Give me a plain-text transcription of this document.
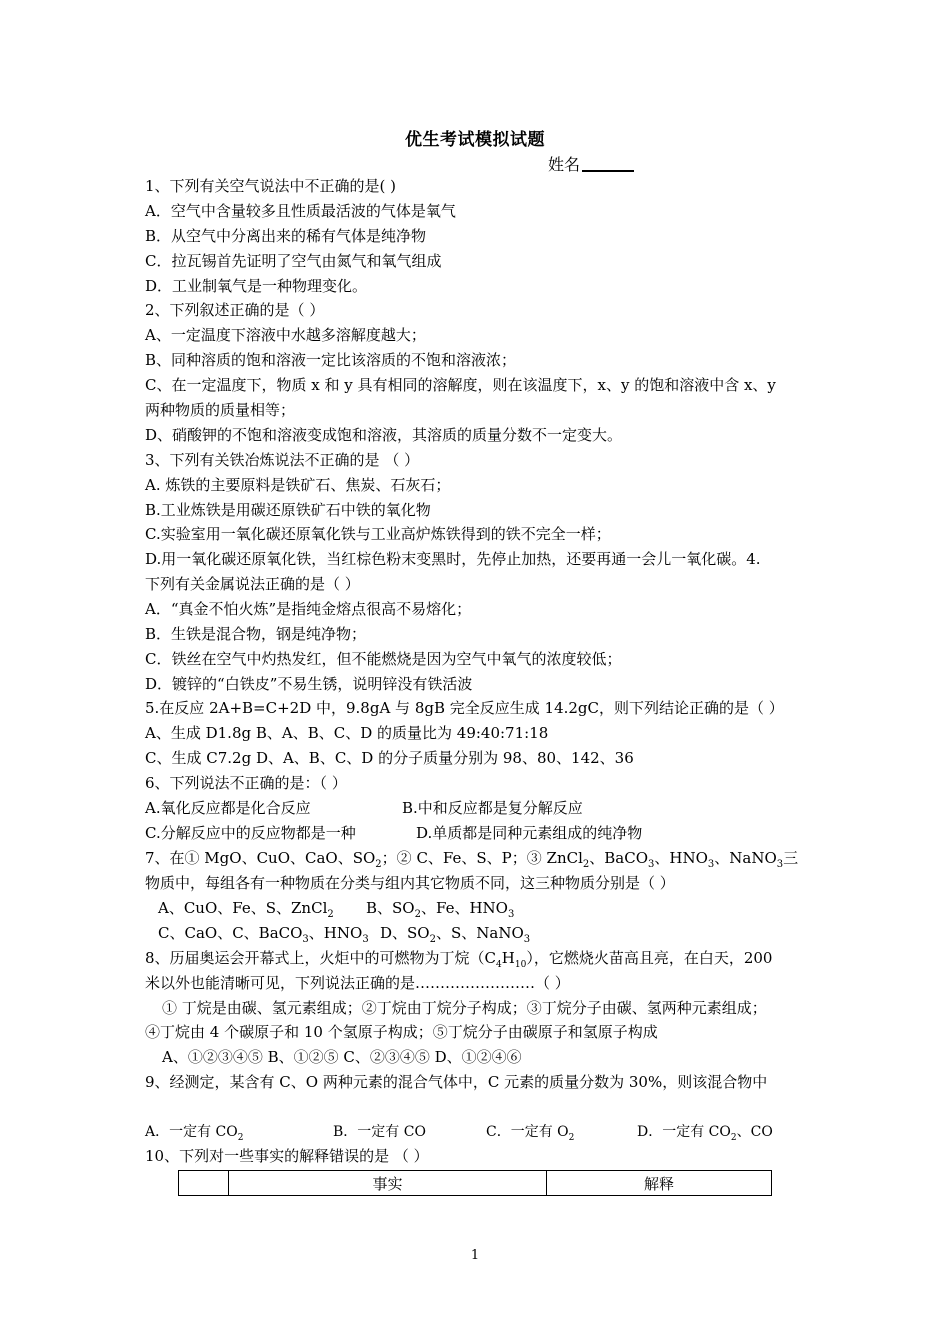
优生考试模拟试题
姓名
1、下列有关空气说法中不正确的是( )
A．空气中含量较多且性质最活波的气体是氧气
B．从空气中分离出来的稀有气体是纯净物
C．拉瓦锡首先证明了空气由氮气和氧气组成
D．工业制氧气是一种物理变化。
2、下列叙述正确的是（ ）
A、一定温度下溶液中水越多溶解度越大；
B、同种溶质的饱和溶液一定比该溶质的不饱和溶液浓；
C、在一定温度下，物质 x 和 y 具有相同的溶解度，则在该温度下，x、y 的饱和溶液中含 x、y
两种物质的质量相等；
D、硝酸钾的不饱和溶液变成饱和溶液，其溶质的质量分数不一定变大。
3、下列有关铁冶炼说法不正确的是 （ ）
A. 炼铁的主要原料是铁矿石、焦炭、石灰石；
B.工业炼铁是用碳还原铁矿石中铁的氧化物
C.实验室用一氧化碳还原氧化铁与工业高炉炼铁得到的铁不完全一样；
D.用一氧化碳还原氧化铁，当红棕色粉末变黑时，先停止加热，还要再通一会儿一氧化碳。4.
下列有关金属说法正确的是（ ）
A．“真金不怕火炼”是指纯金熔点很高不易熔化；
B．生铁是混合物，钢是纯净物；
C．铁丝在空气中灼热发红，但不能燃烧是因为空气中氧气的浓度较低；
D．镀锌的“白铁皮”不易生锈，说明锌没有铁活波
5.在反应 2A+B=C+2D 中，9.8gA 与 8gB 完全反应生成 14.2gC，则下列结论正确的是（ ）
A、生成 D1.8g B、A、B、C、D 的质量比为 49:40:71:18
C、生成 C7.2g D、A、B、C、D 的分子质量分别为 98、80、142、36
6、下列说法不正确的是：（ ）
A.氧化反应都是化合反应	B.中和反应都是复分解反应
C.分解反应中的反应物都是一种	D.单质都是同种元素组成的纯净物
7、在① MgO、CuO、CaO、$SO_2$；② C、Fe、S、P；③ ZnCl$_2$、BaCO$_3$、$HNO_3$、NaNO$_3$三
物质中，每组各有一种物质在分类与组内其它物质不同，这三种物质分别是（ ）
A、CuO、Fe、S、ZnCl$_2$ B、$SO_2$、Fe、$HNO_3$
C、CaO、C、BaCO$_3$、$HNO_3$ D、$SO_2$、S、NaNO$_3$
8、历届奥运会开幕式上，火炬中的可燃物为丁烷$(C_4H_{10})$，它燃烧火苗高且亮，在白天，200
米以外也能清晰可见，下列说法正确的是……………………（ ）
① 丁烷是由碳、氢元素组成；②丁烷由丁烷分子构成；③丁烷分子由碳、氢两种元素组成；
④丁烷由 4 个碳原子和 10 个氢原子构成；⑤丁烷分子由碳原子和氢原子构成
A、①②③④⑤ B、①②⑤ C、②③④⑤ D、①②④⑥
9、经测定，某含有 C、O 两种元素的混合气体中，C 元素的质量分数为 30%，则该混合物中
A．一定有 $CO_2$	B．一定有 CO	C．一定有 $O_2$	D．一定有 $CO_2$、CO
10、下列对一些事实的解释错误的是 （ ）
	事实	解释
1
